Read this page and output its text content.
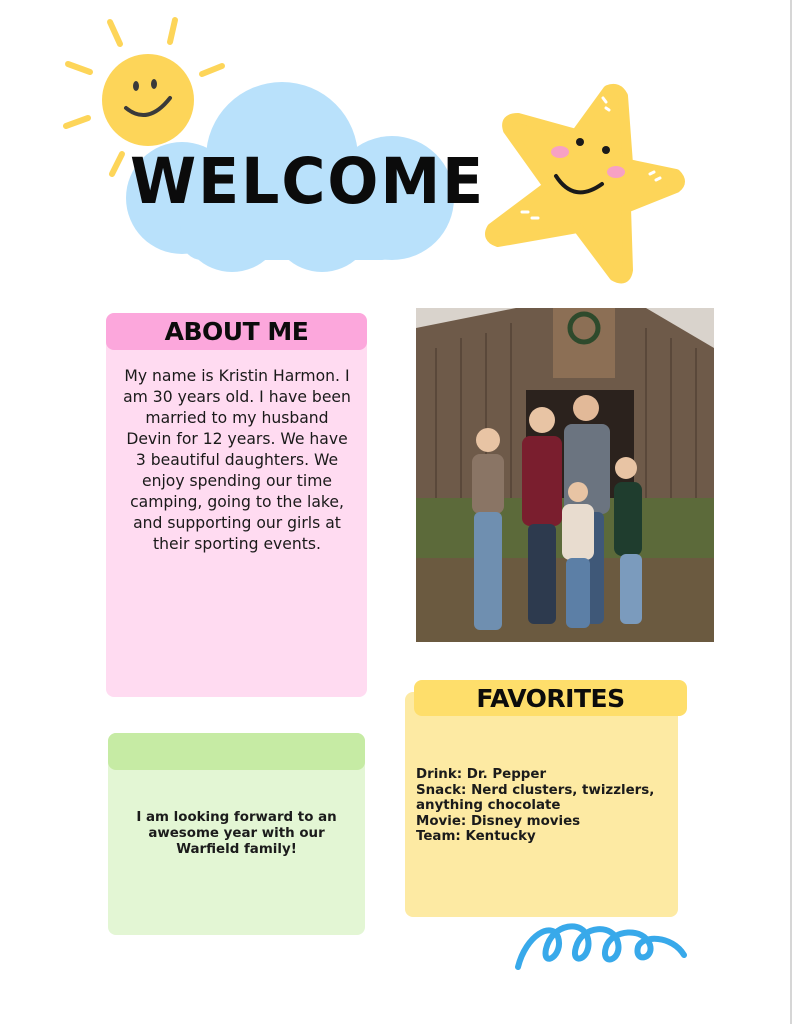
WELCOME
ABOUT ME
My name is Kristin Harmon. I am 30 years old. I have been married to my husband Devin for 12 years. We have 3 beautiful daughters. We enjoy spending our time camping, going to the lake, and supporting our girls at their sporting events.
I am looking forward to an awesome year with our Warfield family!
FAVORITES
Drink: Dr. Pepper
Snack: Nerd clusters, twizzlers, anything chocolate
Movie: Disney movies
Team: Kentucky
